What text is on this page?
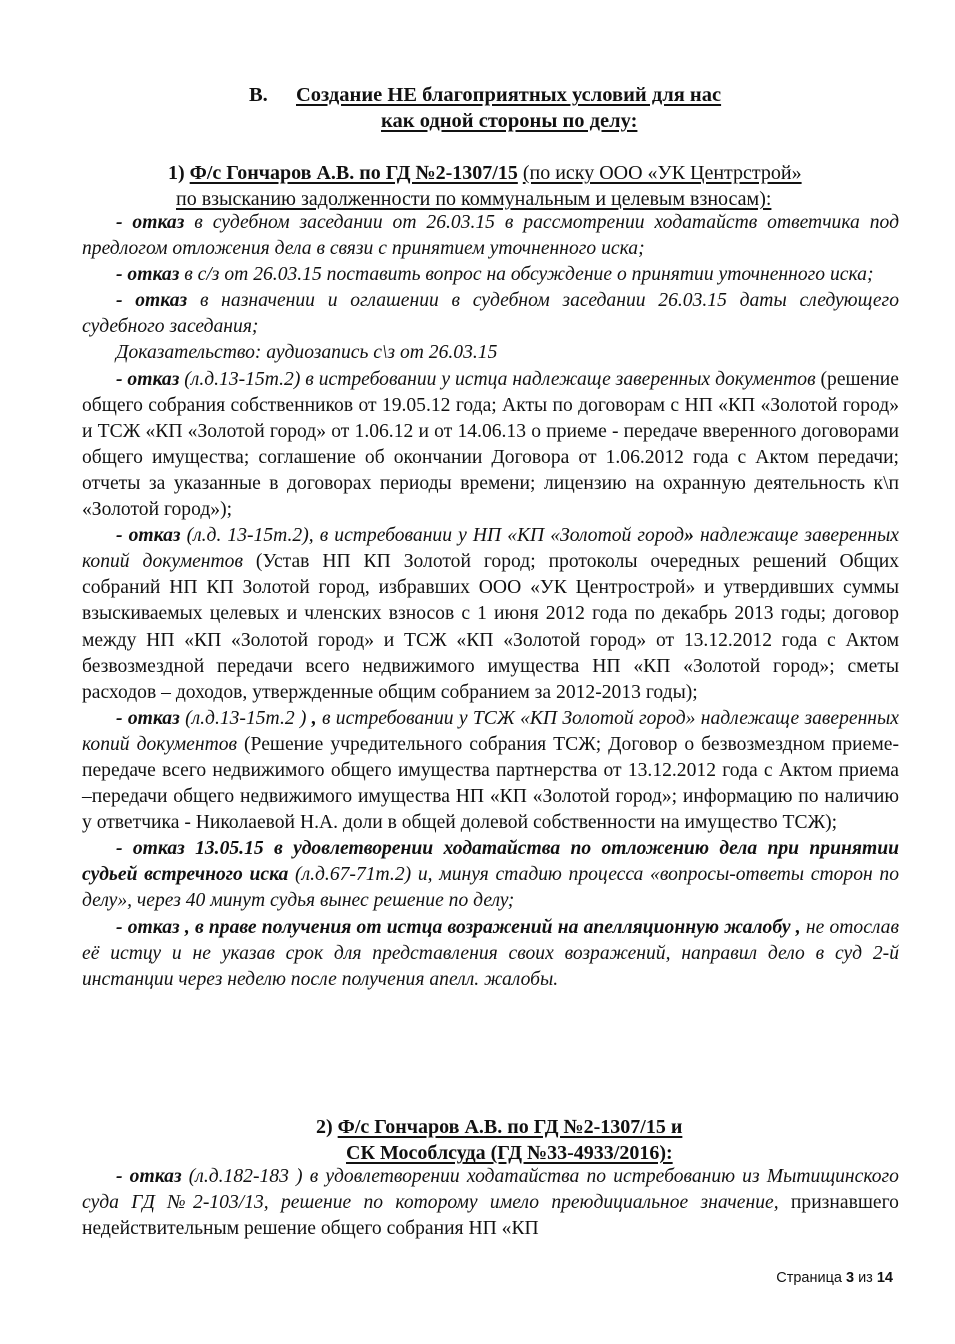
В. Создание НЕ благоприятных условий для нас
как одной стороны по делу:
1) Ф/с Гончаров А.В. по ГД №2-1307/15 (по иску ООО «УК Центрстрой»
по взысканию задолженности по коммунальным и целевым взносам):

- отказ в судебном заседании от 26.03.15 в рассмотрении ходатайств ответчика под предлогом отложения дела в связи с принятием уточненного иска;

- отказ в с/з от 26.03.15 поставить вопрос на обсуждение о принятии уточненного иска;

- отказ в назначении и оглашении в судебном заседании 26.03.15 даты следующего судебного заседания;

Доказательство: аудиозапись с\з от 26.03.15

- отказ (л.д.13-15т.2) в истребовании у истца надлежаще заверенных документов (решение общего собрания собственников от 19.05.12 года; Акты по договорам с НП «КП «Золотой город» и ТСЖ «КП «Золотой город» от 1.06.12 и от 14.06.13 о приеме - передаче вверенного договорами общего имущества; соглашение об окончании Договора от 1.06.2012 года с Актом передачи; отчеты за указанные в договорах периоды времени; лицензию на охранную деятельность к\п «Золотой город»);

- отказ (л.д. 13-15т.2), в истребовании у НП «КП «Золотой город» надлежаще заверенных копий документов (Устав НП КП Золотой город; протоколы очередных решений Общих собраний НП КП Золотой город, избравших ООО «УК Центрострой» и утвердивших суммы взыскиваемых целевых и членских взносов с 1 июня 2012 года по декабрь 2013 годы; договор между НП «КП «Золотой город» и ТСЖ «КП «Золотой город» от 13.12.2012 года с Актом безвозмездной передачи всего недвижимого имущества НП «КП «Золотой город»; сметы расходов – доходов, утвержденные общим собранием за 2012-2013 годы);

- отказ (л.д.13-15т.2 ) , в истребовании у ТСЖ «КП Золотой город» надлежаще заверенных копий документов (Решение учредительного собрания ТСЖ; Договор о безвозмездном приеме-передаче всего недвижимого общего имущества партнерства от 13.12.2012 года с Актом приема –передачи общего недвижимого имущества НП «КП «Золотой город»; информацию по наличию у ответчика - Николаевой Н.А. доли в общей долевой собственности на имущество ТСЖ);

- отказ 13.05.15 в удовлетворении ходатайства по отложению дела при принятии судьей встречного иска (л.д.67-71т.2) и, минуя стадию процесса «вопросы-ответы сторон по делу», через 40 минут судья вынес решение по делу;

- отказ , в праве получения от истца возражений на апелляционную жалобу , не отослав её истцу и не указав срок для представления своих возражений, направил дело в суд 2-й инстанции через неделю после получения апелл. жалобы.

2) Ф/с Гончаров А.В. по ГД №2-1307/15 и
СК Мособлсуда (ГД №33-4933/2016):

- отказ (л.д.182-183 ) в удовлетворении ходатайства по истребованию из Мытищинского суда ГД №2-103/13, решение по которому имело преюдициальное значение, признавшего недействительным решение общего собрания НП «КП

Страница 3 из 14
